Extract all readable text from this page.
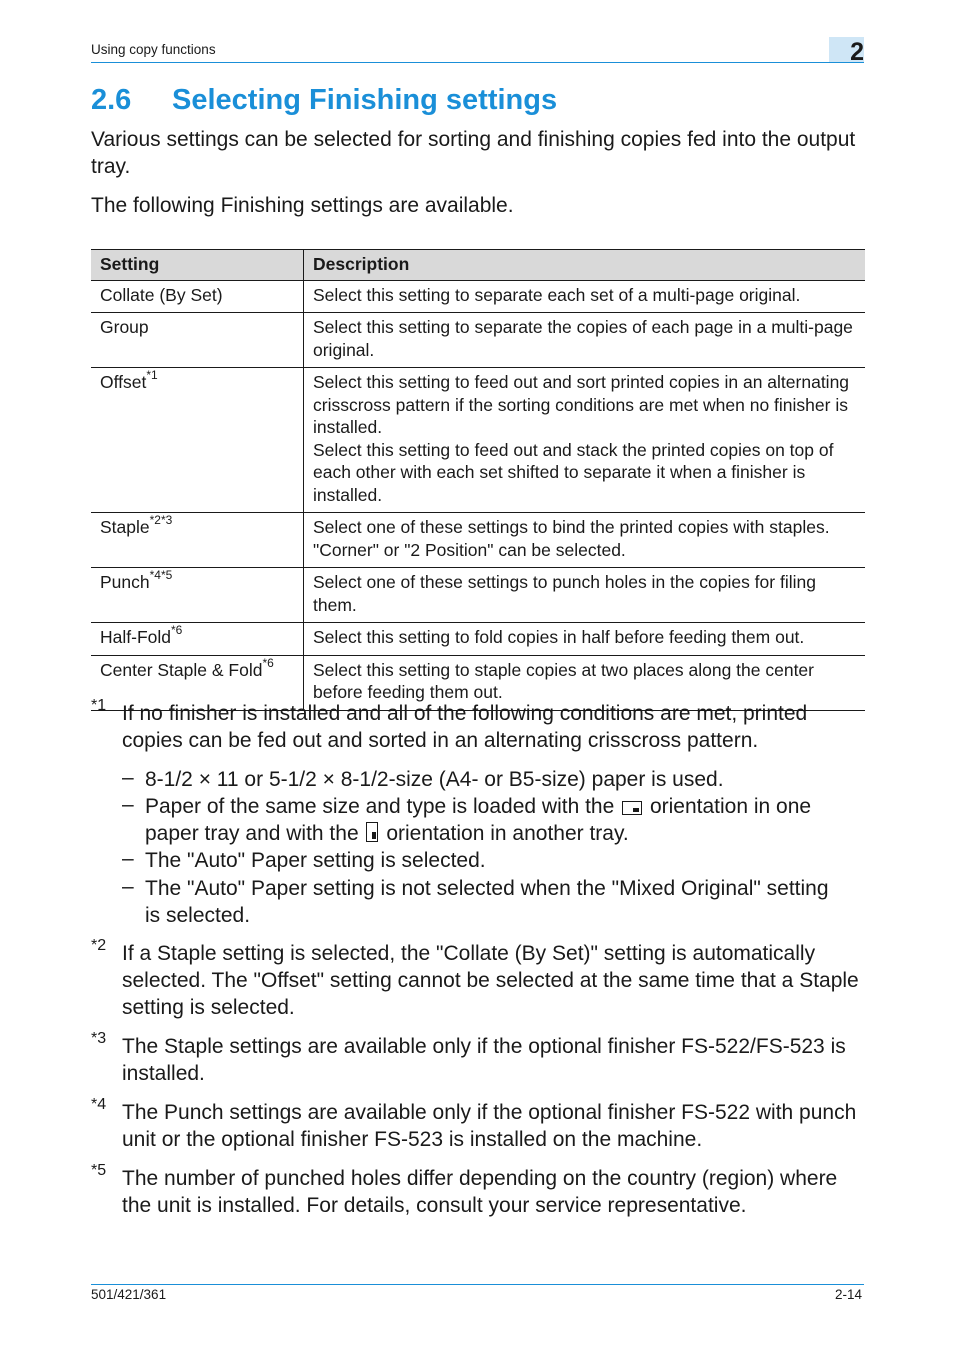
Using copy functions	2
2.6 Selecting Finishing settings
Various settings can be selected for sorting and finishing copies fed into the output tray.
The following Finishing settings are available.
Setting	Description
Collate (By Set)	Select this setting to separate each set of a multi-page original.
Group	Select this setting to separate the copies of each page in a multi-page original.
Offset$^{*1}$	Select this setting to feed out and sort printed copies in an alternating crisscross pattern if the sorting conditions are met when no finisher is installed.
Select this setting to feed out and stack the printed copies on top of each other with each set shifted to separate it when a finisher is installed.

Staple$^{*2*3}$	Select one of these settings to bind the printed copies with staples. "Corner" or "2 Position" can be selected.
Punch$^{*4*5}$	Select one of these settings to punch holes in the copies for filing them.
Half-Fold$^{*6}$	Select this setting to fold copies in half before feeding them out.
Center Staple & Fold$^{*6}$	Select this setting to staple copies at two places along the center before feeding them out.
*1 If no finisher is installed and all of the following conditions are met, printed copies can be fed out and sorted in an alternating crisscross pattern.
– 8-1/2 × 11 or 5-1/2 × 8-1/2-size (A4- or B5-size) paper is used.
– Paper of the same size and type is loaded with the orientation in one paper tray and with the orientation in another tray.
– The "Auto" Paper setting is selected.
– The "Auto" Paper setting is not selected when the "Mixed Original" setting is selected.
*2 If a Staple setting is selected, the "Collate (By Set)" setting is automatically selected. The "Offset" setting cannot be selected at the same time that a Staple setting is selected.
*3 The Staple settings are available only if the optional finisher FS-522/FS-523 is installed.
*4 The Punch settings are available only if the optional finisher FS-522 with punch unit or the optional finisher FS-523 is installed on the machine.
*5 The number of punched holes differ depending on the country (region) where the unit is installed. For details, consult your service representative.
501/421/361	2-14
